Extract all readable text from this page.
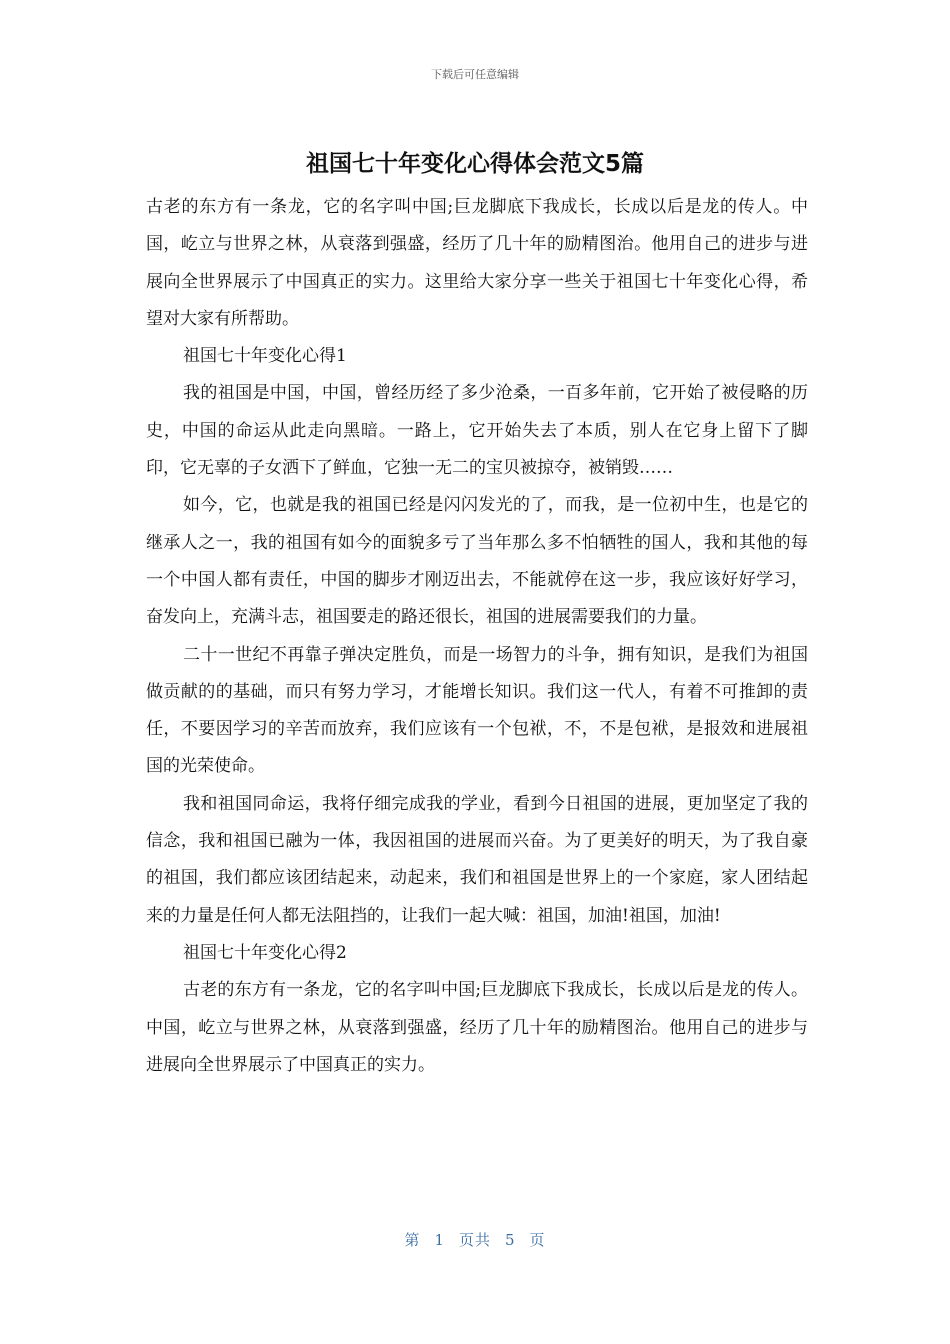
下载后可任意编辑
祖国七十年变化心得体会范文5篇

古老的东方有一条龙，它的名字叫中国;巨龙脚底下我成长，长成以后是龙的传人。中国，屹立与世界之林，从衰落到强盛，经历了几十年的励精图治。他用自己的进步与进展向全世界展示了中国真正的实力。这里给大家分享一些关于祖国七十年变化心得，希望对大家有所帮助。

祖国七十年变化心得1

我的祖国是中国，中国，曾经历经了多少沧桑，一百多年前，它开始了被侵略的历史，中国的命运从此走向黑暗。一路上，它开始失去了本质，别人在它身上留下了脚印，它无辜的子女洒下了鲜血，它独一无二的宝贝被掠夺，被销毁……

如今，它，也就是我的祖国已经是闪闪发光的了，而我，是一位初中生，也是它的继承人之一，我的祖国有如今的面貌多亏了当年那么多不怕牺牲的国人，我和其他的每一个中国人都有责任，中国的脚步才刚迈出去，不能就停在这一步，我应该好好学习，奋发向上，充满斗志，祖国要走的路还很长，祖国的进展需要我们的力量。

二十一世纪不再靠子弹决定胜负，而是一场智力的斗争，拥有知识，是我们为祖国做贡献的的基础，而只有努力学习，才能增长知识。我们这一代人，有着不可推卸的责任，不要因学习的辛苦而放弃，我们应该有一个包袱，不，不是包袱，是报效和进展祖国的光荣使命。

我和祖国同命运，我将仔细完成我的学业，看到今日祖国的进展，更加坚定了我的信念，我和祖国已融为一体，我因祖国的进展而兴奋。为了更美好的明天，为了我自豪的祖国，我们都应该团结起来，动起来，我们和祖国是世界上的一个家庭，家人团结起来的力量是任何人都无法阻挡的，让我们一起大喊：祖国，加油!祖国，加油!

祖国七十年变化心得2

古老的东方有一条龙，它的名字叫中国;巨龙脚底下我成长，长成以后是龙的传人。中国，屹立与世界之林，从衰落到强盛，经历了几十年的励精图治。他用自己的进步与进展向全世界展示了中国真正的实力。

第 1 页共 5 页
